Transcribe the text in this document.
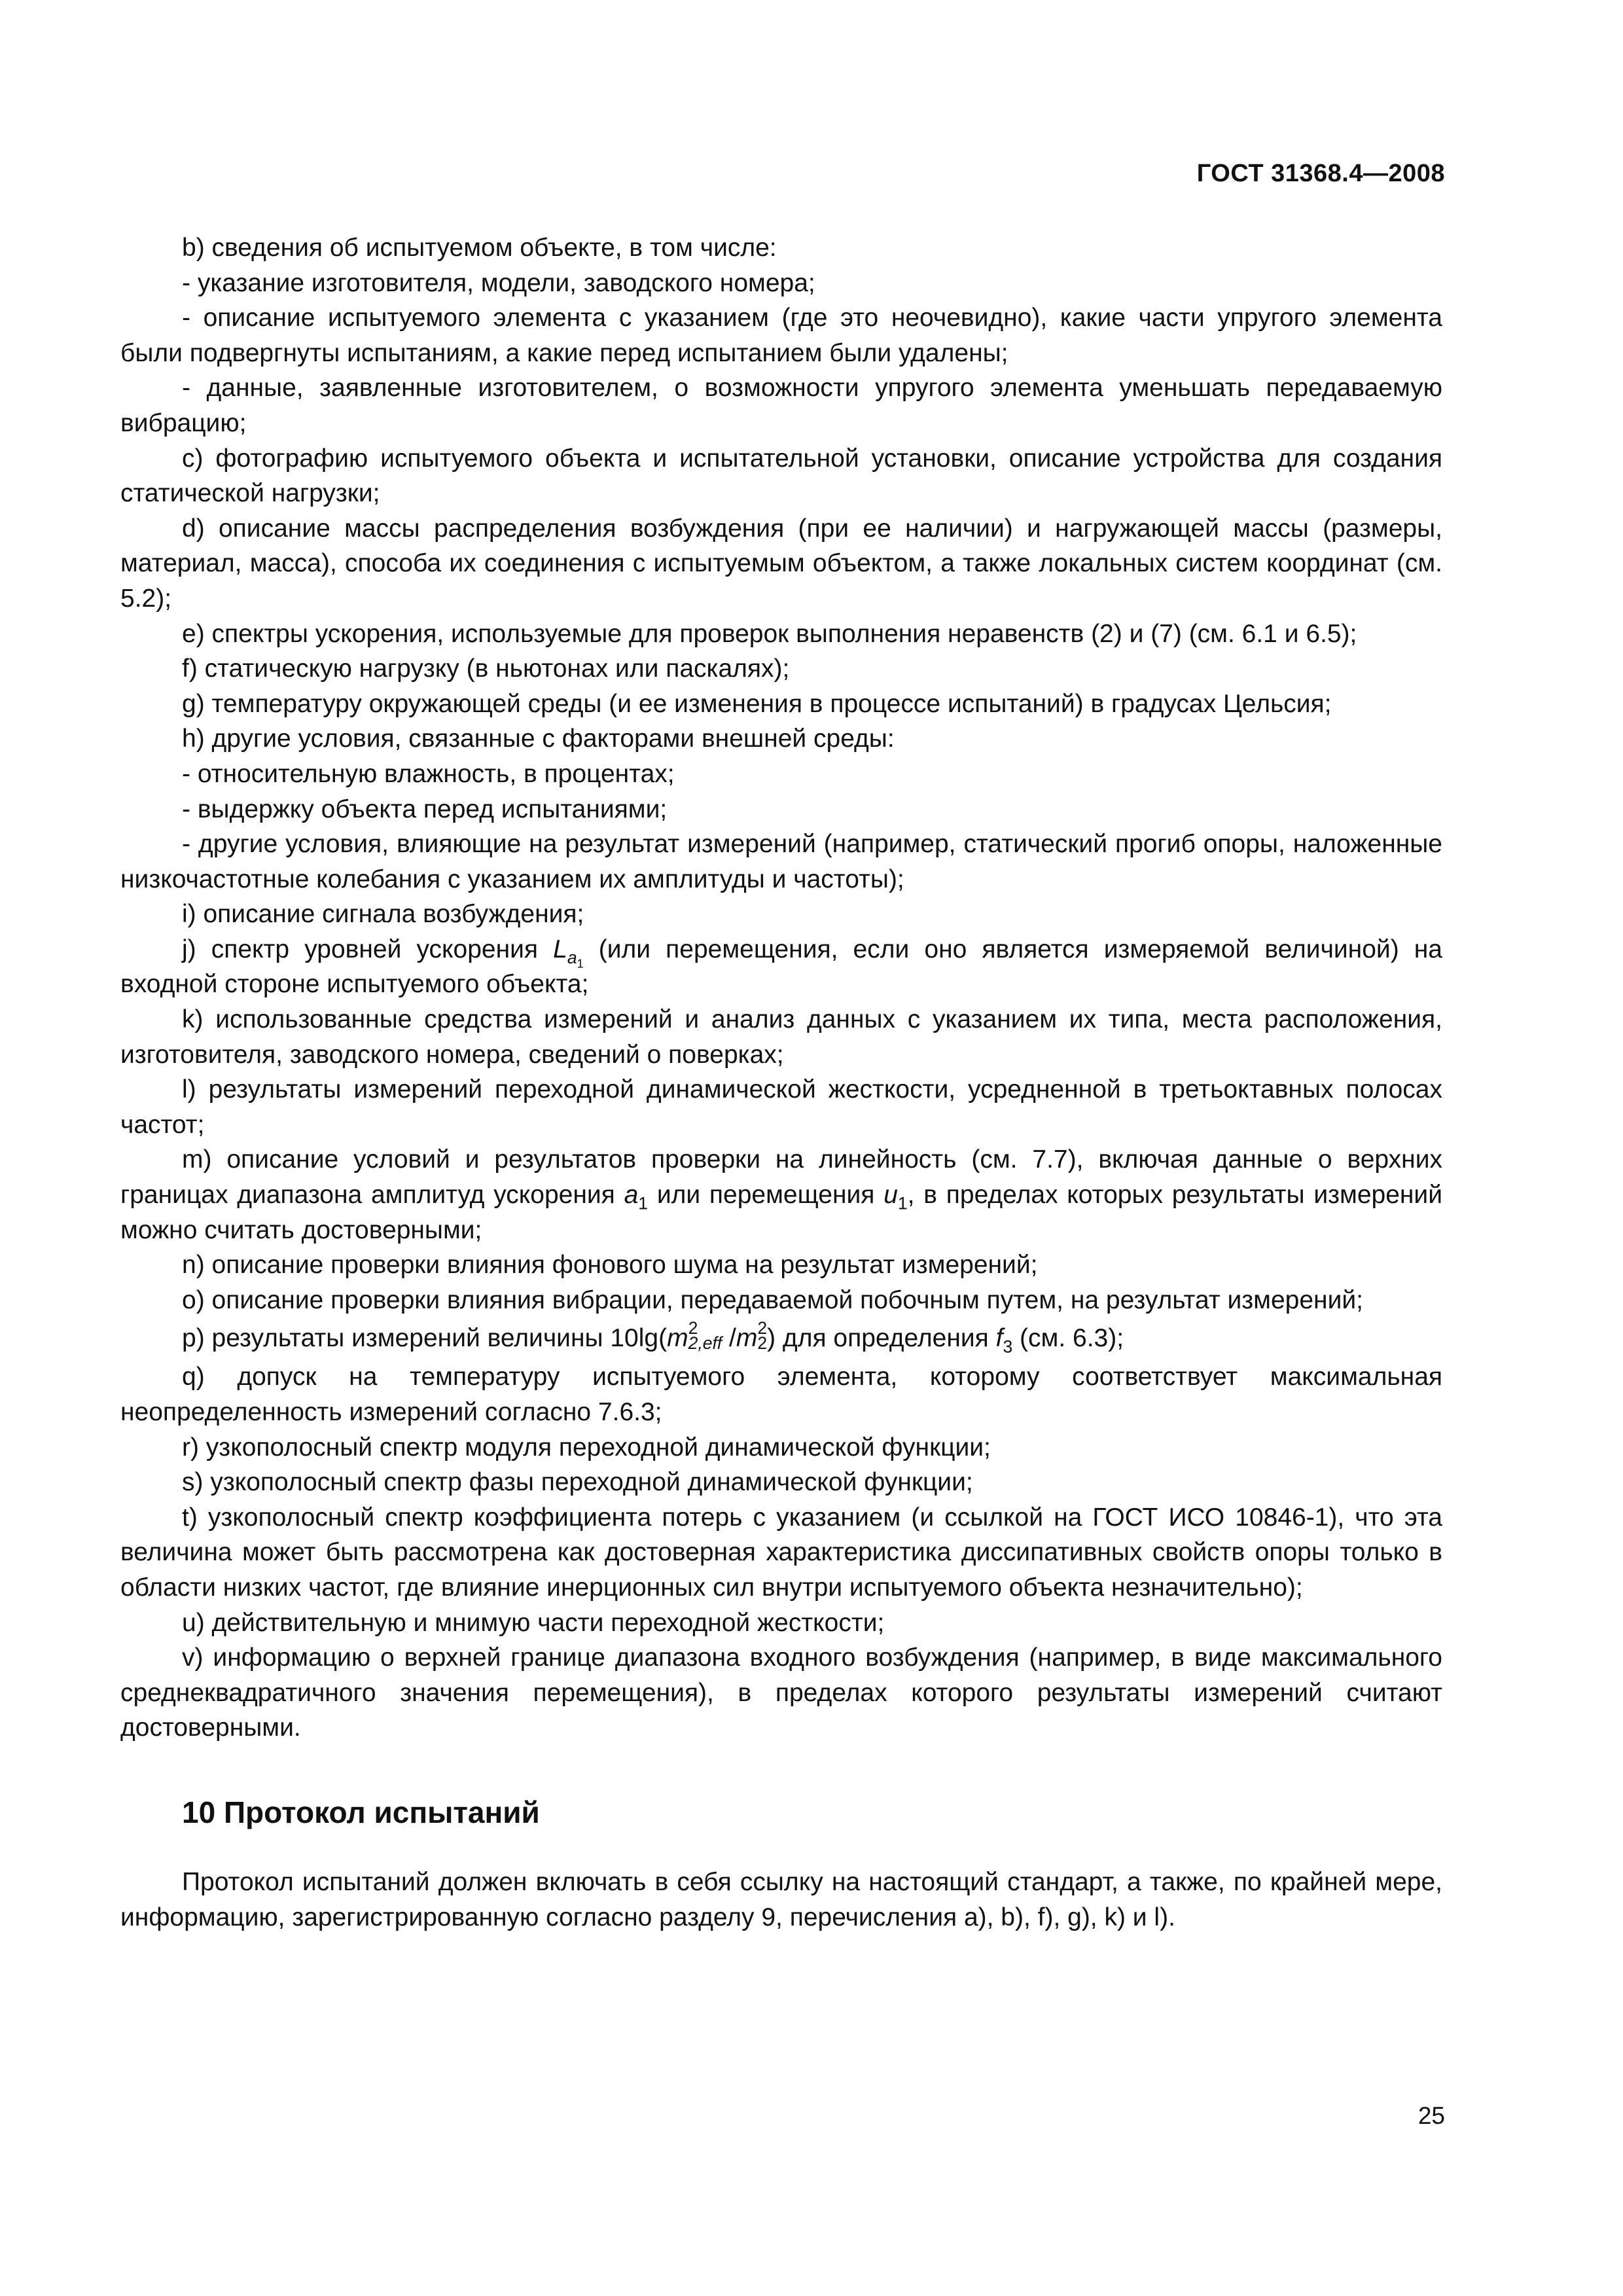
ГОСТ 31368.4—2008

b) сведения об испытуемом объекте, в том числе:

- указание изготовителя, модели, заводского номера;

- описание испытуемого элемента с указанием (где это неочевидно), какие части упругого элемента были подвергнуты испытаниям, а какие перед испытанием были удалены;

- данные, заявленные изготовителем, о возможности упругого элемента уменьшать передаваемую вибрацию;

c) фотографию испытуемого объекта и испытательной установки, описание устройства для создания статической нагрузки;

d) описание массы распределения возбуждения (при ее наличии) и нагружающей массы (размеры, материал, масса), способа их соединения с испытуемым объектом, а также локальных систем координат (см. 5.2);

e) спектры ускорения, используемые для проверок выполнения неравенств (2) и (7) (см. 6.1 и 6.5);

f) статическую нагрузку (в ньютонах или паскалях);

g) температуру окружающей среды (и ее изменения в процессе испытаний) в градусах Цельсия;

h) другие условия, связанные с факторами внешней среды:

- относительную влажность, в процентах;

- выдержку объекта перед испытаниями;

- другие условия, влияющие на результат измерений (например, статический прогиб опоры, наложенные низкочастотные колебания с указанием их амплитуды и частоты);

i) описание сигнала возбуждения;

j) спектр уровней ускорения $L_{a_1}$ (или перемещения, если оно является измеряемой величиной) на входной стороне испытуемого объекта;

k) использованные средства измерений и анализ данных с указанием их типа, места расположения, изготовителя, заводского номера, сведений о поверках;

l) результаты измерений переходной динамической жесткости, усредненной в третьоктавных полосах частот;

m) описание условий и результатов проверки на линейность (см. 7.7), включая данные о верхних границах диапазона амплитуд ускорения $a_1$ или перемещения $u_1$, в пределах которых результаты измерений можно считать достоверными;

n) описание проверки влияния фонового шума на результат измерений;

o) описание проверки влияния вибрации, передаваемой побочным путем, на результат измерений;

p) результаты измерений величины 10lg(m 2
2,eff /m 2
2 ) для определения $f_3$ (см. 6.3);

q) допуск на температуру испытуемого элемента, которому соответствует максимальная неопределенность измерений согласно 7.6.3;

r) узкополосный спектр модуля переходной динамической функции;

s) узкополосный спектр фазы переходной динамической функции;

t) узкополосный спектр коэффициента потерь с указанием (и ссылкой на ГОСТ ИСО 10846-1), что эта величина может быть рассмотрена как достоверная характеристика диссипативных свойств опоры только в области низких частот, где влияние инерционных сил внутри испытуемого объекта незначительно);

u) действительную и мнимую части переходной жесткости;

v) информацию о верхней границе диапазона входного возбуждения (например, в виде максимального среднеквадратичного значения перемещения), в пределах которого результаты измерений считают достоверными.

10 Протокол испытаний

Протокол испытаний должен включать в себя ссылку на настоящий стандарт, а также, по крайней мере, информацию, зарегистрированную согласно разделу 9, перечисления a), b), f), g), k) и l).

25
